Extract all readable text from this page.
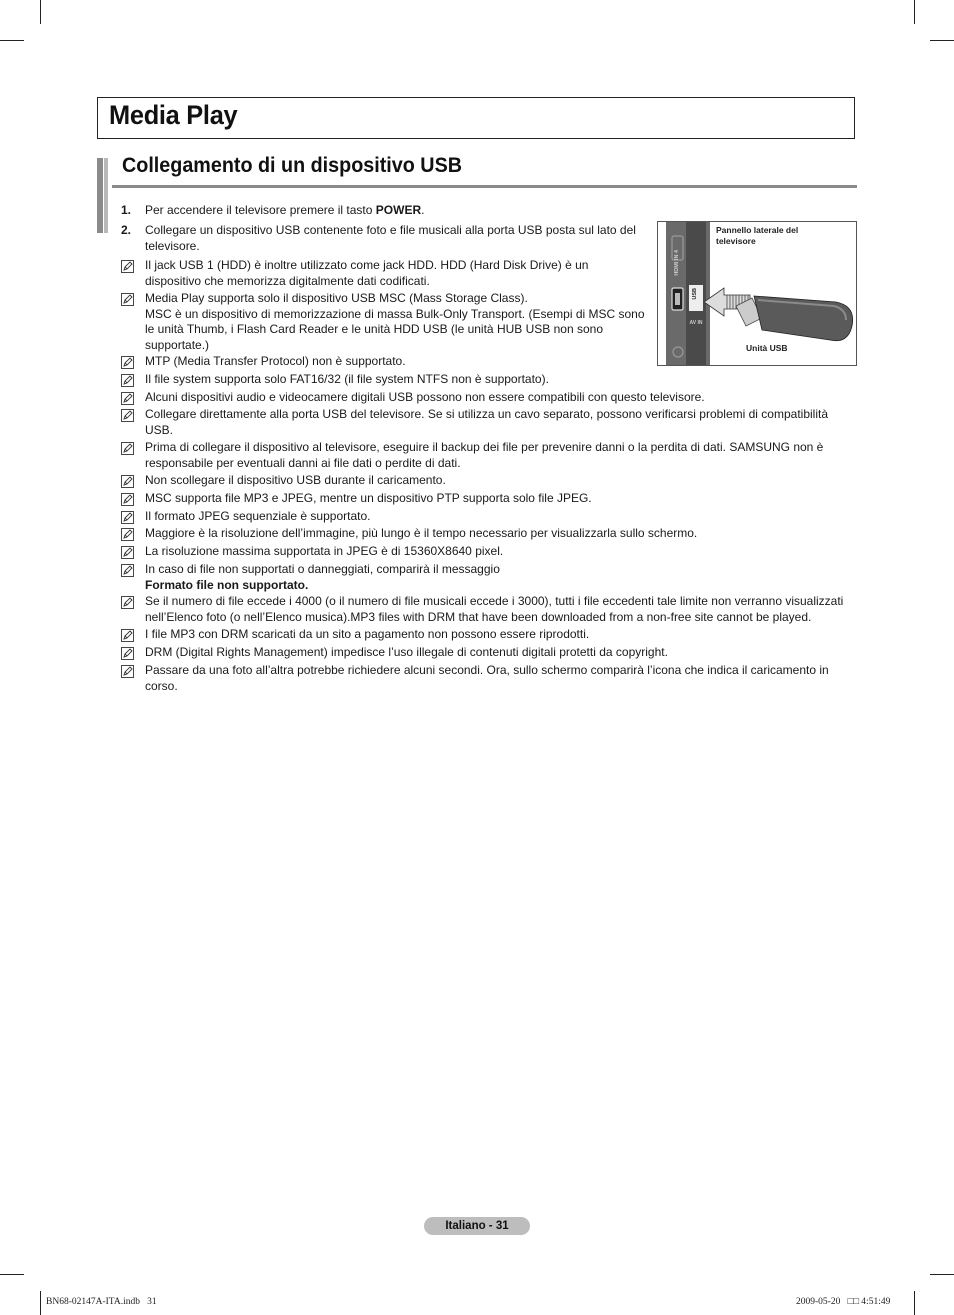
Media Play
Collegamento di un dispositivo USB
1. Per accendere il televisore premere il tasto POWER.
2. Collegare un dispositivo USB contenente foto e file musicali alla porta USB posta sul lato del televisore.
Il jack USB 1 (HDD) è inoltre utilizzato come jack HDD. HDD (Hard Disk Drive) è un dispositivo che memorizza digitalmente dati codificati.
Media Play supporta solo il dispositivo USB MSC (Mass Storage Class).
MSC è un dispositivo di memorizzazione di massa Bulk-Only Transport. (Esempi di MSC sono le unità Thumb, i Flash Card Reader e le unità HDD USB (le unità HUB USB non sono supportate.)
MTP (Media Transfer Protocol) non è supportato.
Il file system supporta solo FAT16/32 (il file system NTFS non è supportato).
Alcuni dispositivi audio e videocamere digitali USB possono non essere compatibili con questo televisore.
Collegare direttamente alla porta USB del televisore. Se si utilizza un cavo separato, possono verificarsi problemi di compatibilità USB.
Prima di collegare il dispositivo al televisore, eseguire il backup dei file per prevenire danni o la perdita di dati. SAMSUNG non è responsabile per eventuali danni ai file dati o perdite di dati.
Non scollegare il dispositivo USB durante il caricamento.
MSC supporta file MP3 e JPEG, mentre un dispositivo PTP supporta solo file JPEG.
Il formato JPEG sequenziale è supportato.
Maggiore è la risoluzione dell’immagine, più lungo è il tempo necessario per visualizzarla sullo schermo.
La risoluzione massima supportata in JPEG è di 15360X8640 pixel.
In caso di file non supportati o danneggiati, comparirà il messaggio
Formato file non supportato.
Se il numero di file eccede i 4000 (o il numero di file musicali eccede i 3000), tutti i file eccedenti tale limite non verranno visualizzati nell’Elenco foto (o nell’Elenco musica).MP3 files with DRM that have been downloaded from a non-free site cannot be played.
I file MP3 con DRM scaricati da un sito a pagamento non possono essere riprodotti.
DRM (Digital Rights Management) impedisce l’uso illegale di contenuti digitali protetti da copyright.
Passare da una foto all’altra potrebbe richiedere alcuni secondi. Ora, sullo schermo comparirà l’icona che indica il caricamento in corso.
HDMI IN 4
USB
AV IN
Pannello laterale del televisore
Unità USB
Italiano - 31
BN68-02147A-ITA.indb   31	2009-05-20   □□ 4:51:49
